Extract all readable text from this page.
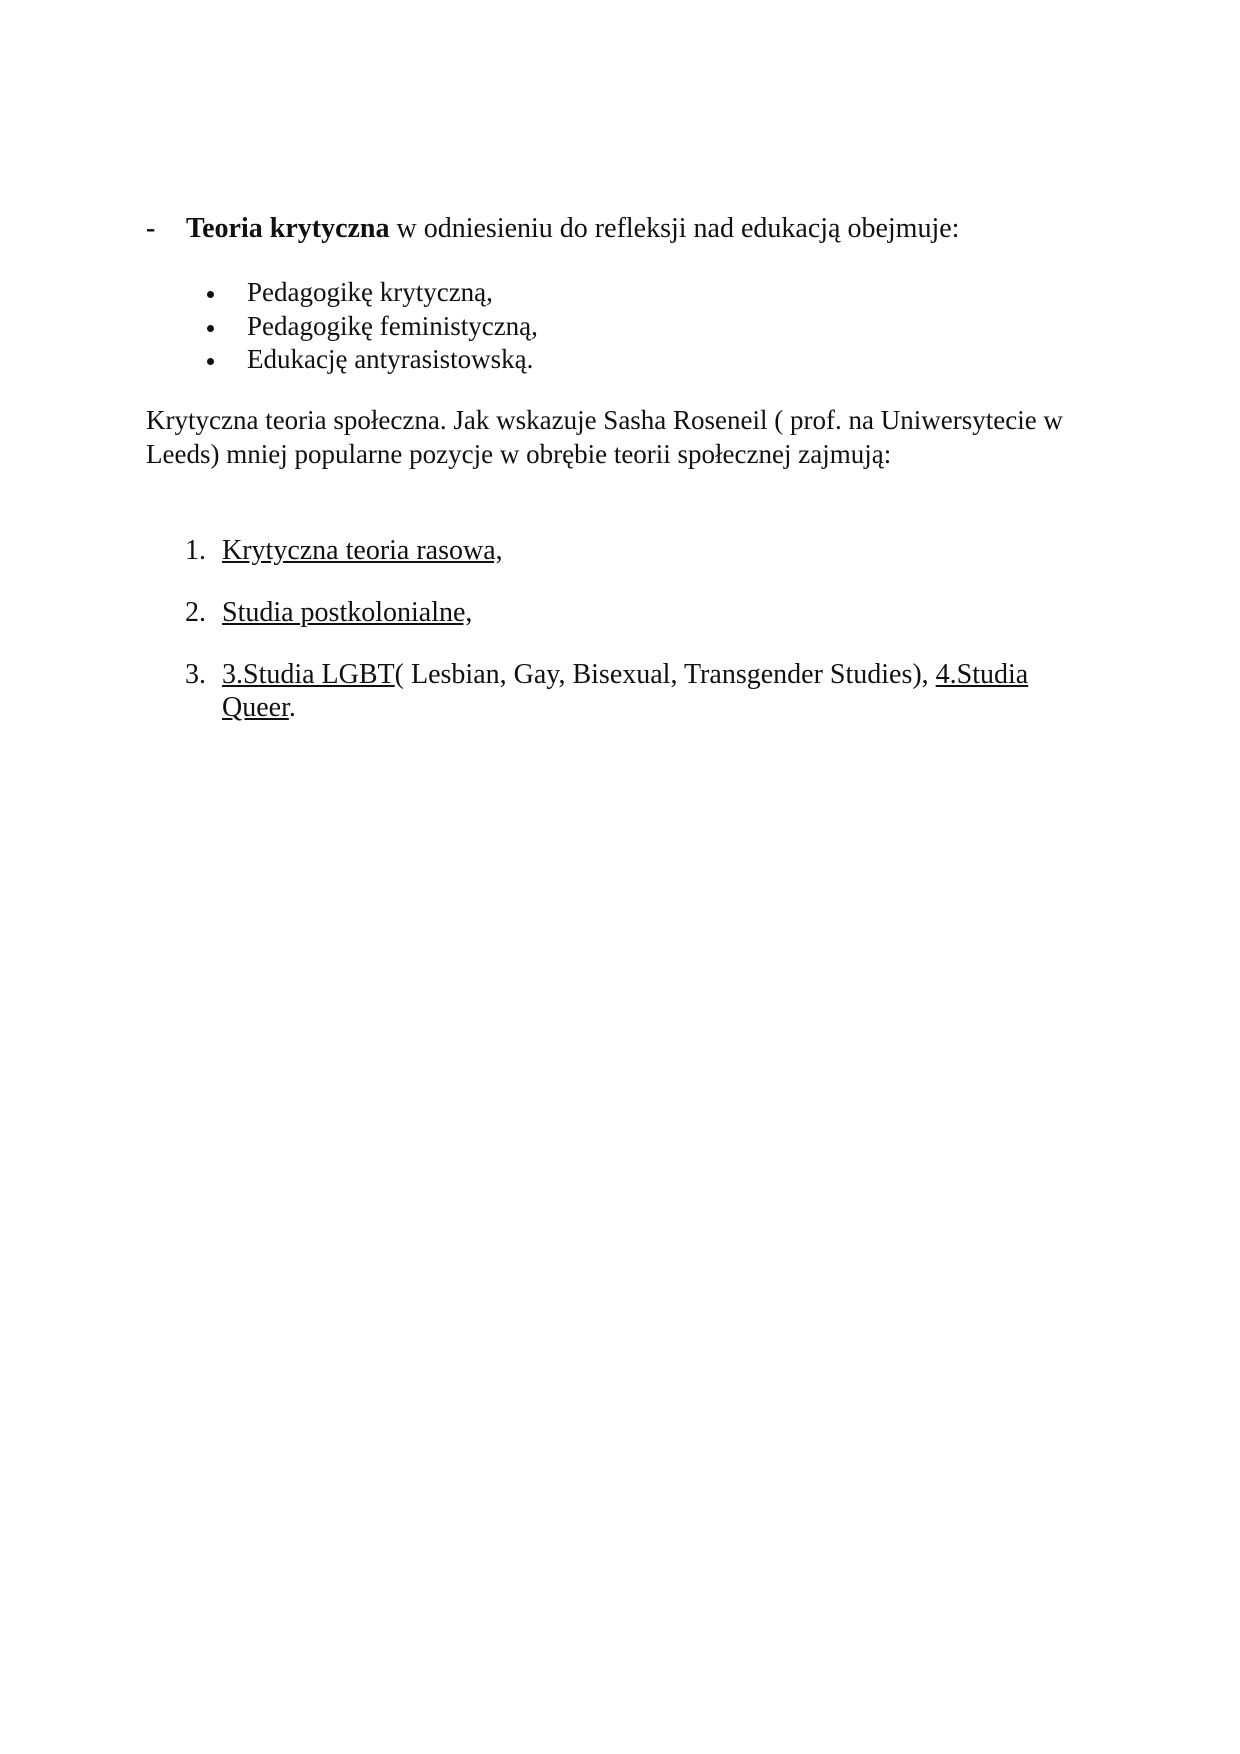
- Teoria krytyczna w odniesieniu do refleksji nad edukacją obejmuje:
Pedagogikę krytyczną,
Pedagogikę feministyczną,
Edukację antyrasistowską.

Krytyczna teoria społeczna. Jak wskazuje Sasha Roseneil ( prof. na Uniwersytecie w Leeds) mniej popularne pozycje w obrębie teorii społecznej zajmują:

1. Krytyczna teoria rasowa,
2. Studia postkolonialne,
3. 3.Studia LGBT( Lesbian, Gay, Bisexual, Transgender Studies), 4.Studia Queer.
